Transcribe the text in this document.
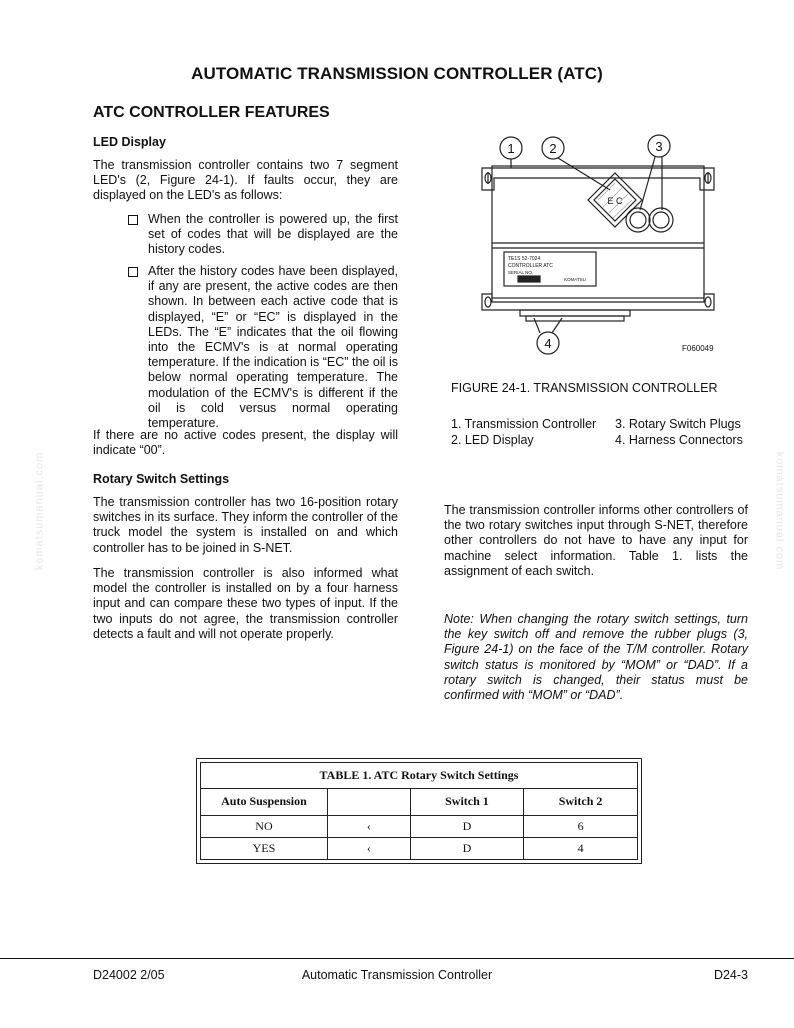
komatsumanual.com	komatsumanual.com
AUTOMATIC TRANSMISSION CONTROLLER (ATC)
ATC CONTROLLER FEATURES
LED Display

The transmission controller contains two 7 segment LED's (2, Figure 24-1). If faults occur, they are displayed on the LED's as follows:

When the controller is powered up, the first set of codes that will be displayed are the history codes.
After the history codes have been displayed, if any are present, the active codes are then shown. In between each active code that is displayed, “E” or “EC” is displayed in the LEDs. The “E” indicates that the oil flowing into the ECMV's is at normal operating temperature. If the indication is “EC” the oil is below normal operating temperature. The modulation of the ECMV's is different if the oil is cold versus normal operating temperature.

If there are no active codes present, the display will indicate “00”.

Rotary Switch Settings

The transmission controller has two 16-position rotary switches in its surface. They inform the controller of the truck model the system is installed on and which controller has to be joined in S-NET.

The transmission controller is also informed what model the controller is installed on by a four harness input and can compare these two types of input. If the two inputs do not agree, the transmission controller detects a fault and will not operate properly.

1	2	3
4
E C
TE1S 52-7024
CONTROLLER ATC
SERIAL NO.
KOMATSU
F060049
FIGURE 24-1. TRANSMISSION CONTROLLER
1. Transmission Controller
2. LED Display
3. Rotary Switch Plugs
4. Harness Connectors

The transmission controller informs other controllers of the two rotary switches input through S-NET, therefore other controllers do not have to have any input for machine select information. Table 1. lists the assignment of each switch.

Note: When changing the rotary switch settings, turn the key switch off and remove the rubber plugs (3, Figure 24-1) on the face of the T/M controller. Rotary switch status is monitored by “MOM” or “DAD”. If a rotary switch is changed, their status must be confirmed with “MOM” or “DAD”.

TABLE 1. ATC Rotary Switch Settings			
Auto Suspension		Switch 1	Switch 2
NO	‹	D	6
YES	‹	D	4
D24002 2/05	Automatic Transmission Controller	D24-3
